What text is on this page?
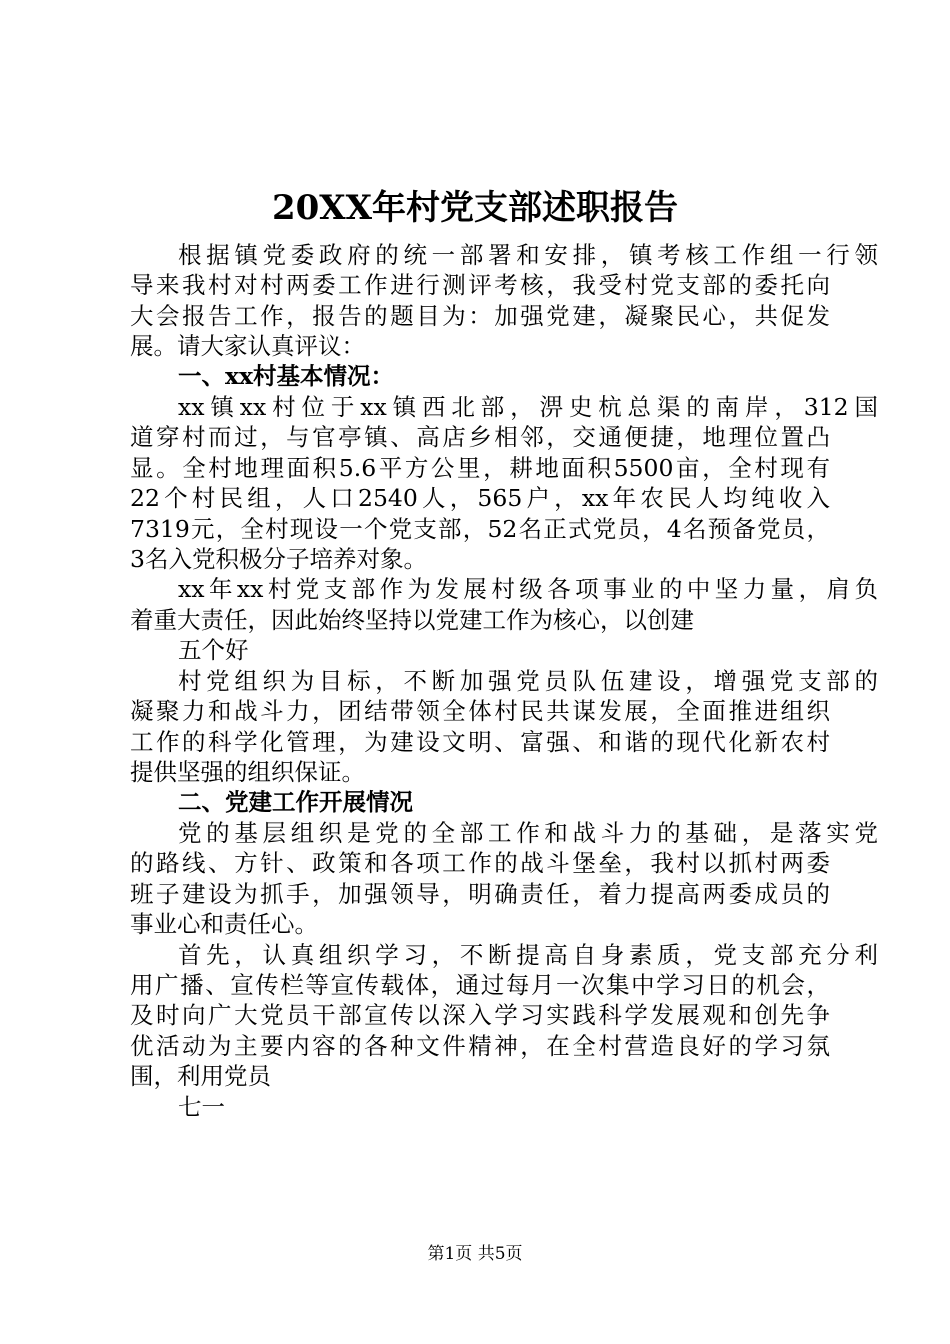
20XX年村党支部述职报告
根据镇党委政府的统一部署和安排，镇考核工作组一行领
导来我村对村两委工作进行测评考核，我受村党支部的委托向
大会报告工作，报告的题目为：加强党建，凝聚民心，共促发
展。请大家认真评议：
一、xx村基本情况：
xx镇xx村位于xx镇西北部，淠史杭总渠的南岸，312国
道穿村而过，与官亭镇、高店乡相邻，交通便捷，地理位置凸
显。全村地理面积5.6平方公里，耕地面积5500亩，全村现有
22个村民组，人口2540人，565户，xx年农民人均纯收入
7319元，全村现设一个党支部，52名正式党员，4名预备党员，
3名入党积极分子培养对象。
xx年xx村党支部作为发展村级各项事业的中坚力量，肩负
着重大责任，因此始终坚持以党建工作为核心，以创建
五个好
村党组织为目标，不断加强党员队伍建设，增强党支部的
凝聚力和战斗力，团结带领全体村民共谋发展，全面推进组织
工作的科学化管理，为建设文明、富强、和谐的现代化新农村
提供坚强的组织保证。
二、党建工作开展情况
党的基层组织是党的全部工作和战斗力的基础，是落实党
的路线、方针、政策和各项工作的战斗堡垒，我村以抓村两委
班子建设为抓手，加强领导，明确责任，着力提高两委成员的
事业心和责任心。
首先，认真组织学习，不断提高自身素质，党支部充分利
用广播、宣传栏等宣传载体，通过每月一次集中学习日的机会，
及时向广大党员干部宣传以深入学习实践科学发展观和创先争
优活动为主要内容的各种文件精神，在全村营造良好的学习氛
围，利用党员
七一
第1页 共5页
